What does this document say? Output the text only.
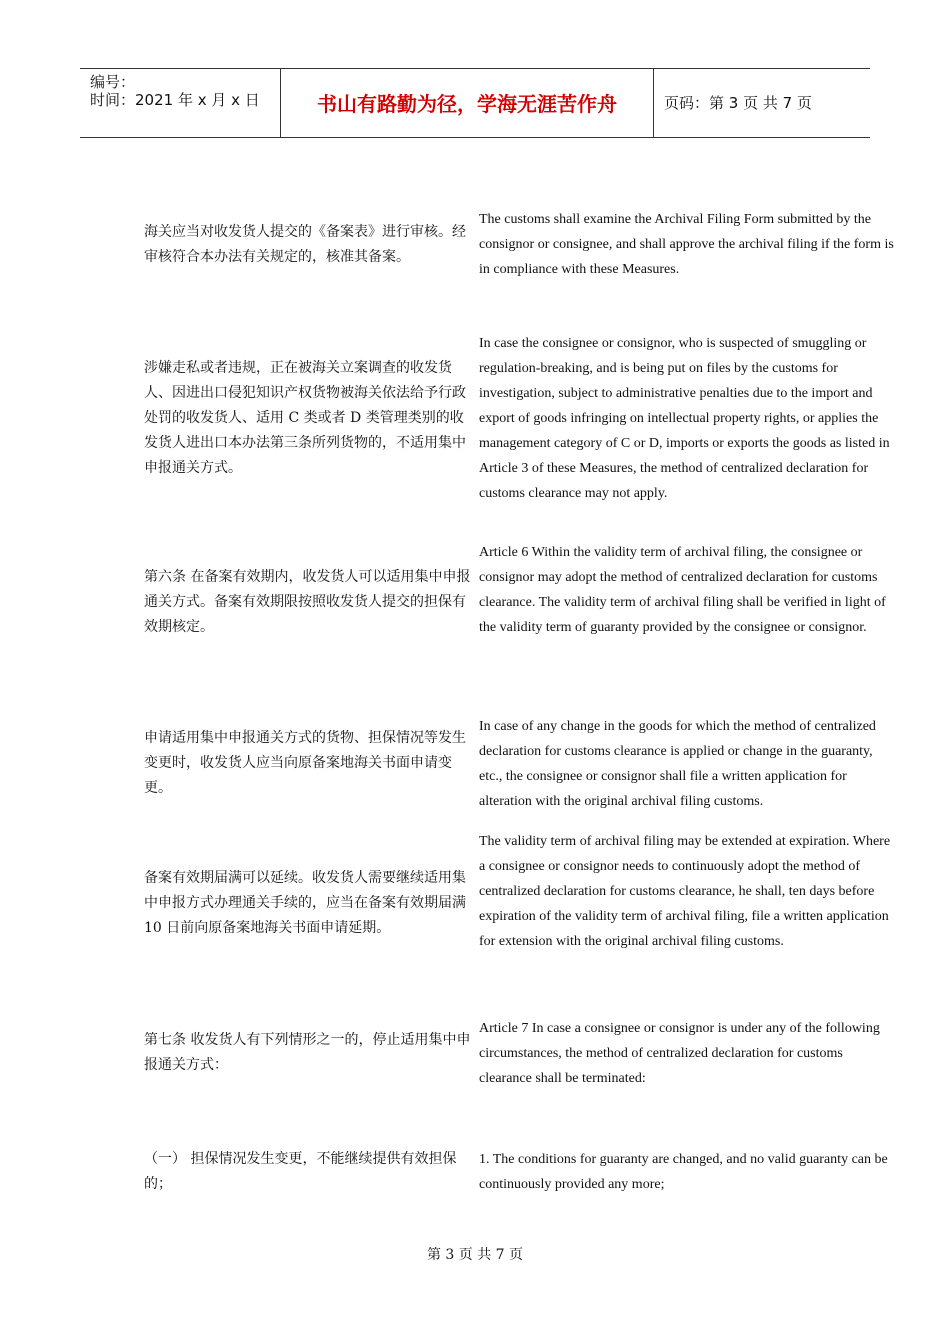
编号：
时间：2021 年 x 月 x 日	书山有路勤为径，学海无涯苦作舟	页码：第 3 页 共 7 页
海关应当对收发货人提交的《备案表》进行审核。经审核符合本办法有关规定的，核准其备案。
The customs shall examine the Archival Filing Form submitted by the consignor or consignee, and shall approve the archival filing if the form is in compliance with these Measures.
涉嫌走私或者违规，正在被海关立案调查的收发货人、因进出口侵犯知识产权货物被海关依法给予行政处罚的收发货人、适用 C 类或者 D 类管理类别的收发货人进出口本办法第三条所列货物的，不适用集中申报通关方式。
In case the consignee or consignor, who is suspected of smuggling or regulation-breaking, and is being put on files by the customs for investigation, subject to administrative penalties due to the import and export of goods infringing on intellectual property rights, or applies the management category of C or D, imports or exports the goods as listed in Article 3 of these Measures, the method of centralized declaration for customs clearance may not apply.
第六条 在备案有效期内，收发货人可以适用集中申报通关方式。备案有效期限按照收发货人提交的担保有效期核定。
Article 6 Within the validity term of archival filing, the consignee or consignor may adopt the method of centralized declaration for customs clearance. The validity term of archival filing shall be verified in light of the validity term of guaranty provided by the consignee or consignor.
申请适用集中申报通关方式的货物、担保情况等发生变更时，收发货人应当向原备案地海关书面申请变更。
In case of any change in the goods for which the method of centralized declaration for customs clearance is applied or change in the guaranty, etc., the consignee or consignor shall file a written application for alteration with the original archival filing customs.
备案有效期届满可以延续。收发货人需要继续适用集中申报方式办理通关手续的，应当在备案有效期届满 10 日前向原备案地海关书面申请延期。
The validity term of archival filing may be extended at expiration. Where a consignee or consignor needs to continuously adopt the method of centralized declaration for customs clearance, he shall, ten days before expiration of the validity term of archival filing, file a written application for extension with the original archival filing customs.
第七条 收发货人有下列情形之一的，停止适用集中申报通关方式：
Article 7 In case a consignee or consignor is under any of the following circumstances, the method of centralized declaration for customs clearance shall be terminated:
（一） 担保情况发生变更，不能继续提供有效担保的；
1. The conditions for guaranty are changed, and no valid guaranty can be continuously provided any more;
第 3 页 共 7 页
